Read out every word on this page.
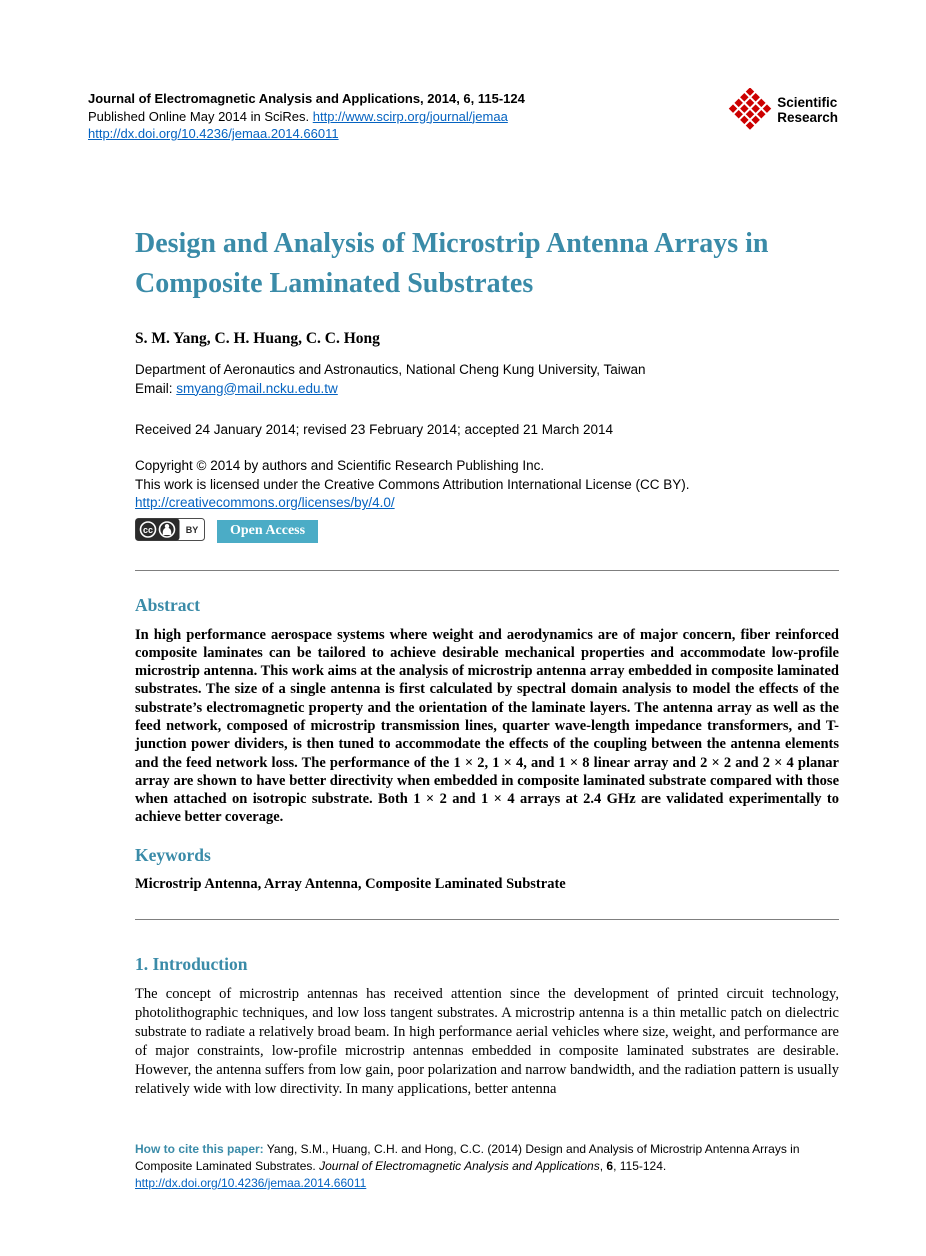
Journal of Electromagnetic Analysis and Applications, 2014, 6, 115-124
Published Online May 2014 in SciRes. http://www.scirp.org/journal/jemaa
http://dx.doi.org/10.4236/jemaa.2014.66011
Scientific
Research
Design and Analysis of Microstrip Antenna Arrays in Composite Laminated Substrates
S. M. Yang, C. H. Huang, C. C. Hong
Department of Aeronautics and Astronautics, National Cheng Kung University, Taiwan
Email: smyang@mail.ncku.edu.tw
Received 24 January 2014; revised 23 February 2014; accepted 21 March 2014
Copyright © 2014 by authors and Scientific Research Publishing Inc.
This work is licensed under the Creative Commons Attribution International License (CC BY).
http://creativecommons.org/licenses/by/4.0/
cc	BY	Open Access
Abstract

In high performance aerospace systems where weight and aerodynamics are of major concern, fiber reinforced composite laminates can be tailored to achieve desirable mechanical properties and accommodate low-profile microstrip antenna. This work aims at the analysis of microstrip antenna array embedded in composite laminated substrates. The size of a single antenna is first calculated by spectral domain analysis to model the effects of the substrate’s electromagnetic property and the orientation of the laminate layers. The antenna array as well as the feed network, composed of microstrip transmission lines, quarter wave-length impedance transformers, and T-junction power dividers, is then tuned to accommodate the effects of the coupling between the antenna elements and the feed network loss. The performance of the 1 × 2, 1 × 4, and 1 × 8 linear array and 2 × 2 and 2 × 4 planar array are shown to have better directivity when embedded in composite laminated substrate compared with those when attached on isotropic substrate. Both 1 × 2 and 1 × 4 arrays at 2.4 GHz are validated experimentally to achieve better coverage.

Keywords

Microstrip Antenna, Array Antenna, Composite Laminated Substrate

1. Introduction

The concept of microstrip antennas has received attention since the development of printed circuit technology, photolithographic techniques, and low loss tangent substrates. A microstrip antenna is a thin metallic patch on dielectric substrate to radiate a relatively broad beam. In high performance aerial vehicles where size, weight, and performance are of major constraints, low-profile microstrip antennas embedded in composite laminated substrates are desirable. However, the antenna suffers from low gain, poor polarization and narrow bandwidth, and the radiation pattern is usually relatively wide with low directivity. In many applications, better antenna

How to cite this paper: Yang, S.M., Huang, C.H. and Hong, C.C. (2014) Design and Analysis of Microstrip Antenna Arrays in Composite Laminated Substrates. Journal of Electromagnetic Analysis and Applications, 6, 115-124.
http://dx.doi.org/10.4236/jemaa.2014.66011
